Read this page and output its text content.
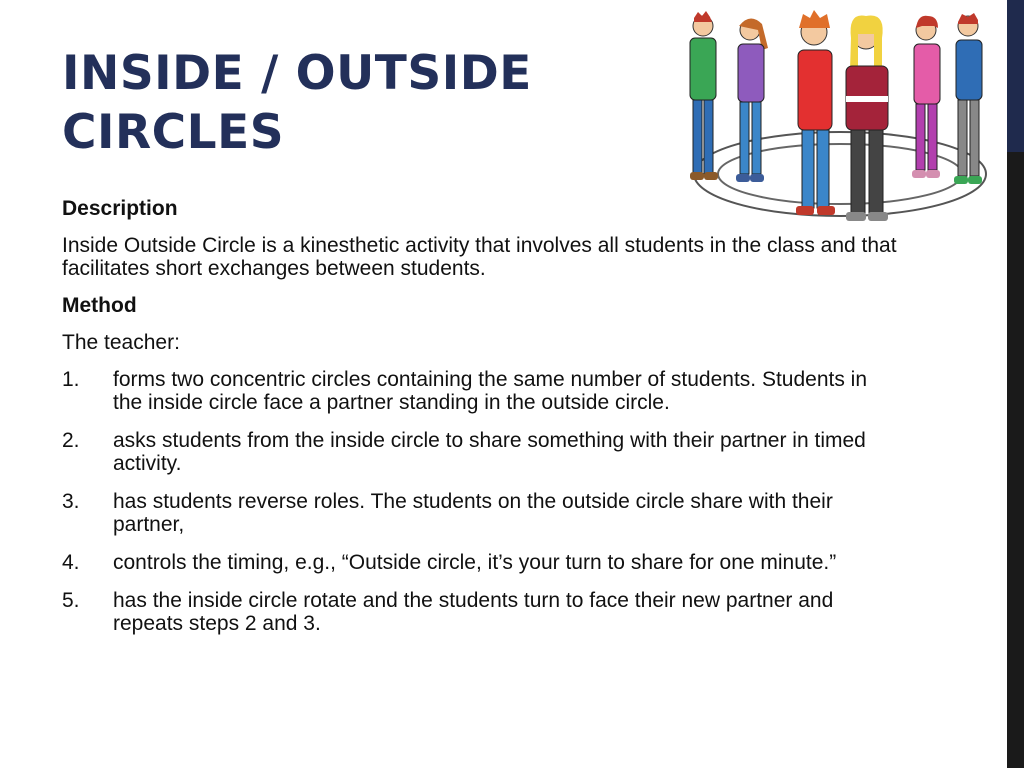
INSIDE / OUTSIDE
CIRCLES
Description
Inside Outside Circle is a kinesthetic activity that involves all students in the class and that facilitates short exchanges between students.
Method
The teacher:
1. forms two concentric circles containing the same number of students. Students in the inside circle face a partner standing in the outside circle.
2. asks students from the inside circle to share something with their partner in timed activity.
3. has students reverse roles. The students on the outside circle share with their partner,
4. controls the timing, e.g., “Outside circle, it’s your turn to share for one minute.”
5. has the inside circle rotate and the students turn to face their new partner and repeats steps 2 and 3.
